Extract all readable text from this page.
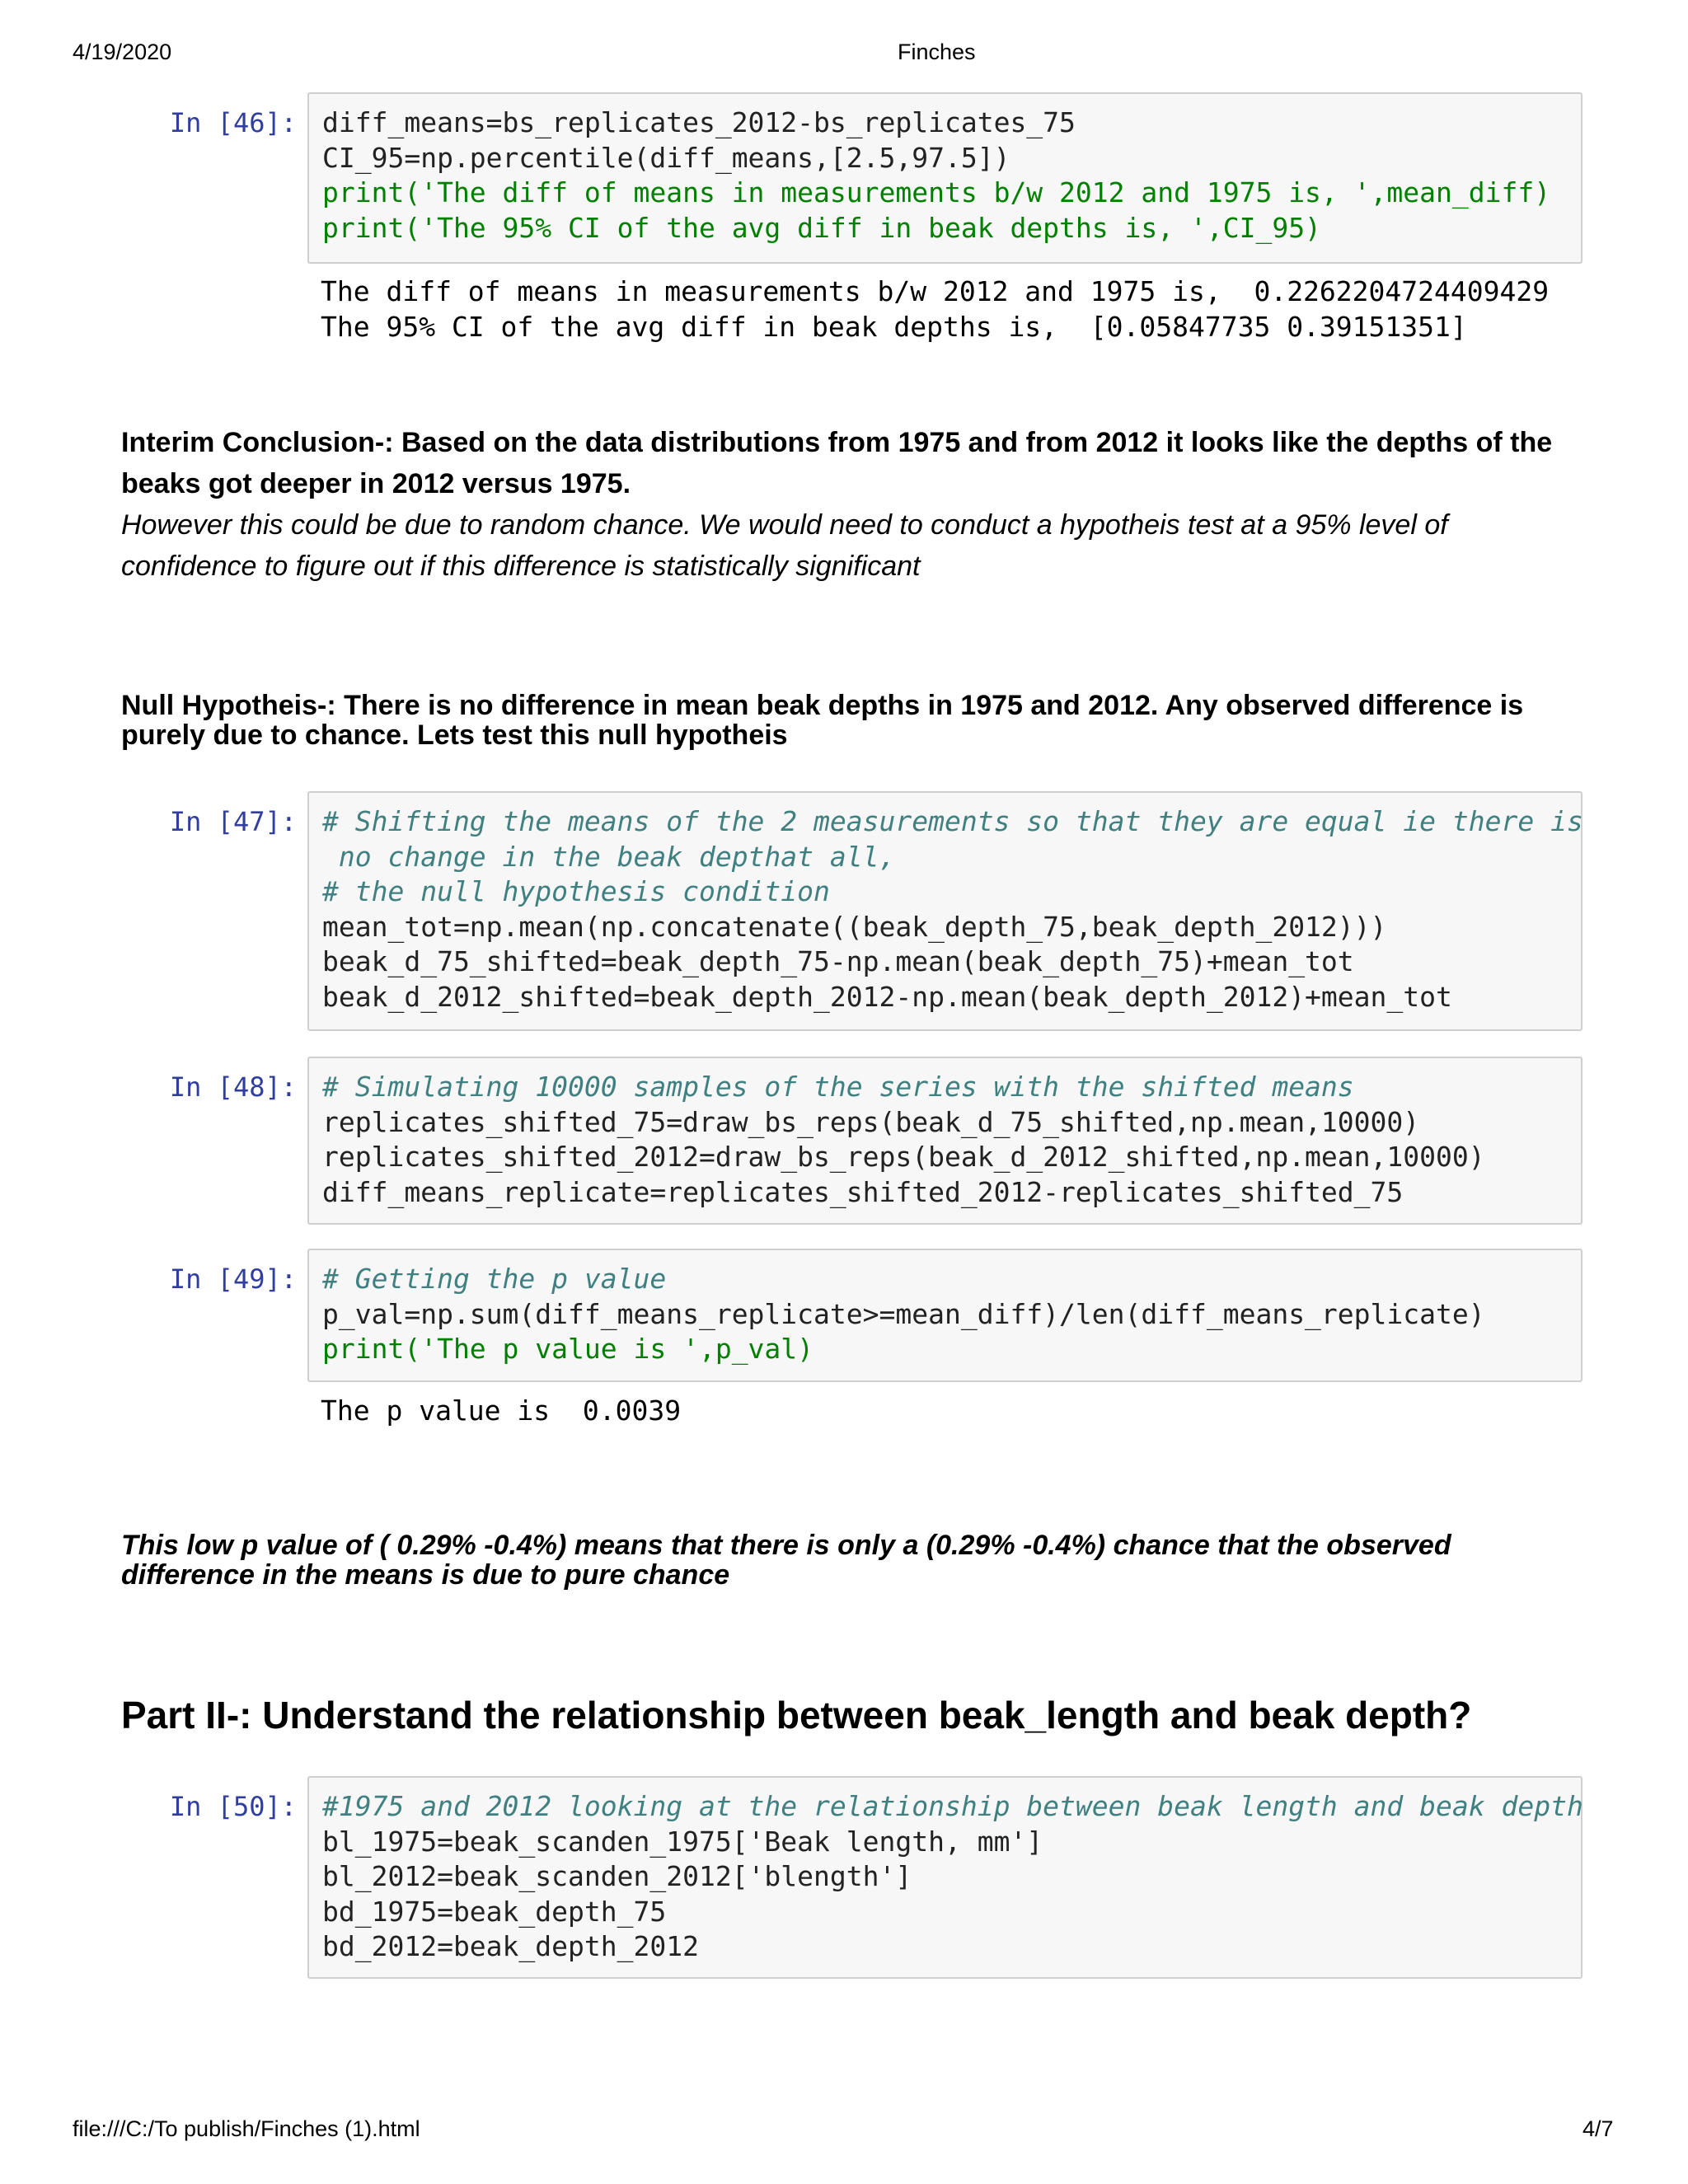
4/19/2020	Finches
In [46]: diff_means=bs_replicates_2012-bs_replicates_75
CI_95=np.percentile(diff_means,[2.5,97.5])
print('The diff of means in measurements b/w 2012 and 1975 is, ',mean_diff)
print('The 95% CI of the avg diff in beak depths is, ',CI_95)
The diff of means in measurements b/w 2012 and 1975 is,  0.2262204724409429
The 95% CI of the avg diff in beak depths is,  [0.05847735 0.39151351]
Interim Conclusion-: Based on the data distributions from 1975 and from 2012 it looks like the depths of the beaks got deeper in 2012 versus 1975.
However this could be due to random chance. We would need to conduct a hypotheis test at a 95% level of confidence to figure out if this difference is statistically significant
Null Hypotheis-: There is no difference in mean beak depths in 1975 and 2012. Any observed difference is purely due to chance. Lets test this null hypotheis
In [47]: # Shifting the means of the 2 measurements so that they are equal ie there is
no change in the beak depthat all,
# the null hypothesis condition
mean_tot=np.mean(np.concatenate((beak_depth_75,beak_depth_2012)))
beak_d_75_shifted=beak_depth_75-np.mean(beak_depth_75)+mean_tot
beak_d_2012_shifted=beak_depth_2012-np.mean(beak_depth_2012)+mean_tot
In [48]: # Simulating 10000 samples of the series with the shifted means
replicates_shifted_75=draw_bs_reps(beak_d_75_shifted,np.mean,10000)
replicates_shifted_2012=draw_bs_reps(beak_d_2012_shifted,np.mean,10000)
diff_means_replicate=replicates_shifted_2012-replicates_shifted_75
In [49]: # Getting the p value
p_val=np.sum(diff_means_replicate>=mean_diff)/len(diff_means_replicate)
print('The p value is ',p_val)
The p value is  0.0039
This low p value of ( 0.29% -0.4%) means that there is only a (0.29% -0.4%) chance that the observed difference in the means is due to pure chance
Part II-: Understand the relationship between beak_length and beak depth?
In [50]: #1975 and 2012 looking at the relationship between beak length and beak depth
bl_1975=beak_scanden_1975['Beak length, mm']
bl_2012=beak_scanden_2012['blength']
bd_1975=beak_depth_75
bd_2012=beak_depth_2012
file:///C:/To publish/Finches (1).html	4/7
